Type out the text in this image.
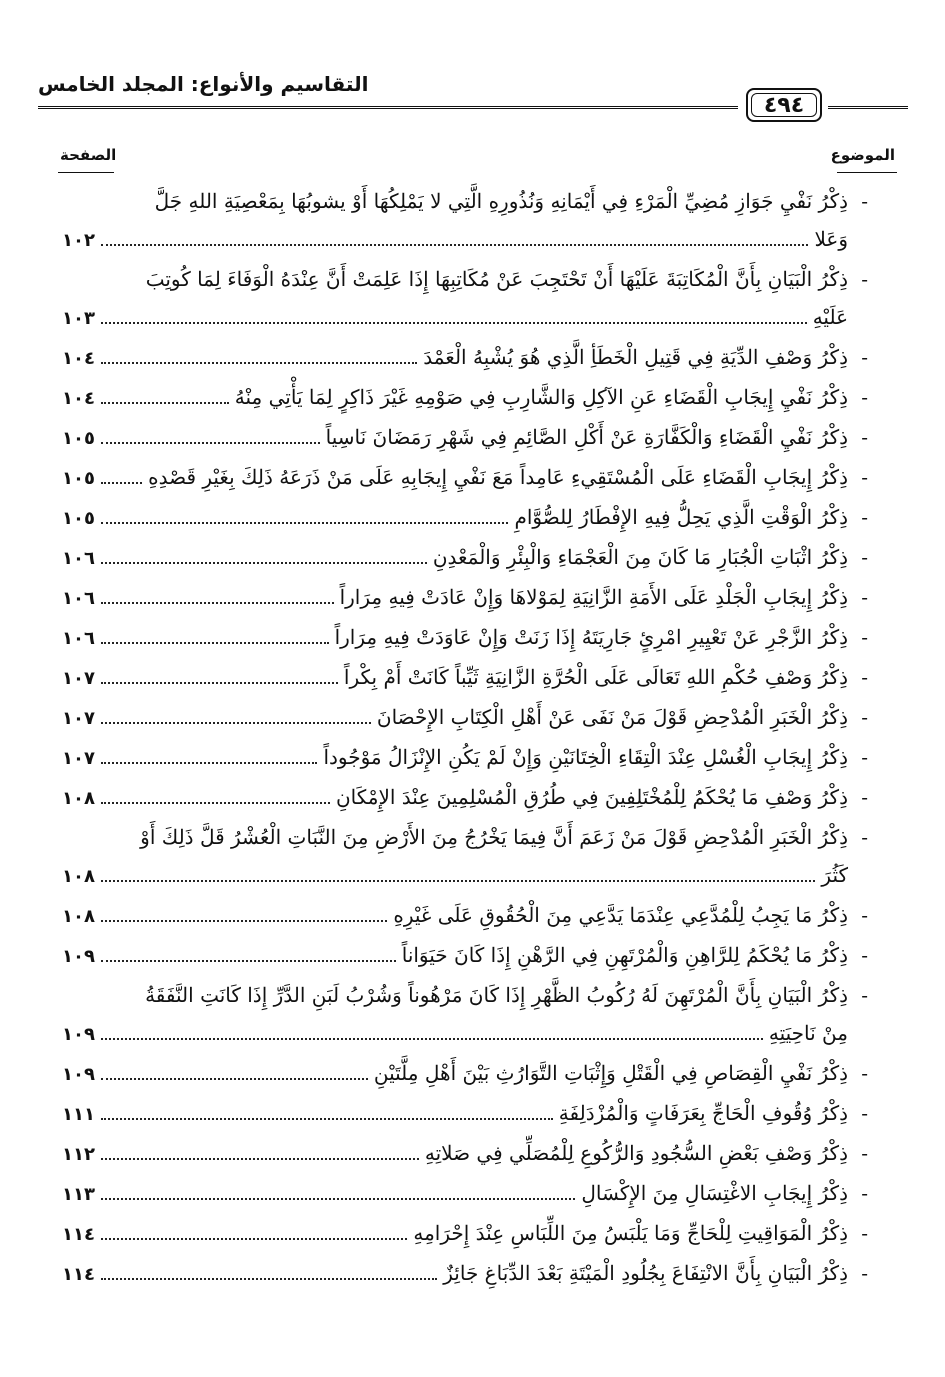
التقاسيم والأنواع: المجلد الخامس
٤٩٤
الموضوع
الصفحة
- ذِكْرُ نَفْيِ جَوَازِ مُضِيِّ الْمَرْءِ فِي أَيْمَانِهِ وَنُذُورِهِ الَّتِي لا يَمْلِكُهَا أَوْ يشوبُهَا بِمَعْصِيَةِ اللهِ جَلَّ
وَعَلا
١٠٢
- ذِكْرُ الْبَيَانِ بِأَنَّ الْمُكَاتِبَةَ عَلَيْهَا أَنْ تَحْتَجِبَ عَنْ مُكَاتِبِهَا إِذَا عَلِمَتْ أَنَّ عِنْدَهُ الْوَفَاءَ لِمَا كُوتِبَ
عَلَيْهِ
١٠٣
- ذِكْرُ وَصْفِ الدِّيَةِ فِي قَتِيلِ الْخَطَأِ الَّذِي هُوَ يُشْبِهُ الْعَمْدَ
١٠٤
- ذِكْرُ نَفْيِ إِيجَابِ الْقَضَاءِ عَنِ الآكِلِ وَالشَّارِبِ فِي صَوْمِهِ غَيْرَ ذَاكِرٍ لِمَا يَأْتِي مِنْهُ
١٠٤
- ذِكْرُ نَفْيِ الْقَضَاءِ وَالْكَفَّارَةِ عَنْ أَكْلِ الصَّائِمِ فِي شَهْرِ رَمَضَانَ نَاسِياً
١٠٥
- ذِكْرُ إِيجَابِ الْقَضَاءِ عَلَى الْمُسْتَقِيءِ عَامِداً مَعَ نَفْيِ إِيجَابِهِ عَلَى مَنْ ذَرَعَهُ ذَلِكَ بِغَيْرِ قَصْدِهِ
١٠٥
- ذِكْرُ الْوَقْتِ الَّذِي يَحِلُّ فِيهِ الإِفْطَارُ لِلصُّوَّامِ
١٠٥
- ذِكْرُ اثْبَاتِ الْجُبَارِ مَا كَانَ مِنَ الْعَجْمَاءِ وَالْبِئْرِ وَالْمَعْدِنِ
١٠٦
- ذِكْرُ إِيجَابِ الْجَلْدِ عَلَى الأَمَةِ الزَّانِيَةِ لِمَوْلاهَا وَإِنْ عَادَتْ فِيهِ مِرَاراً
١٠٦
- ذِكْرُ الزَّجْرِ عَنْ تَعْيِيرِ امْرِئٍ جَارِيَتَهُ إِذَا زَنَتْ وَإِنْ عَاوَدَتْ فِيهِ مِرَاراً
١٠٦
- ذِكْرُ وَصْفِ حُكْمِ اللهِ تَعَالَى عَلَى الْحُرَّةِ الزَّانِيَةِ ثَيِّباً كَانَتْ أَمْ بِكْراً
١٠٧
- ذِكْرُ الْخَبَرِ الْمُدْحِضِ قَوْلَ مَنْ نَفَى عَنْ أَهْلِ الْكِتَابِ الإِحْصَانَ
١٠٧
- ذِكْرُ إِيجَابِ الْغُسْلِ عِنْدَ الْتِقَاءِ الْخِتَانَيْنِ وَإِنْ لَمْ يَكُنِ الإِنْزَالُ مَوْجُوداً
١٠٧
- ذِكْرُ وَصْفِ مَا يُحْكَمُ لِلْمُخْتَلِفِينَ فِي طُرُقِ الْمُسْلِمِينَ عِنْدَ الإِمْكَانِ
١٠٨
- ذِكْرُ الْخَبَرِ الْمُدْحِضِ قَوْلَ مَنْ زَعَمَ أَنَّ فِيمَا يَخْرُجُ مِنَ الأَرْضِ مِنَ النَّبَاتِ الْعُشْرُ قَلَّ ذَلِكَ أَوْ
كَثُرَ
١٠٨
- ذِكْرُ مَا يَجِبُ لِلْمُدَّعِي عِنْدَمَا يَدَّعِي مِنَ الْحُقُوقِ عَلَى غَيْرِهِ
١٠٨
- ذِكْرُ مَا يُحْكَمُ لِلرَّاهِنِ وَالْمُرْتَهِنِ فِي الرَّهْنِ إِذَا كَانَ حَيَوَاناً
١٠٩
- ذِكْرُ الْبَيَانِ بِأَنَّ الْمُرْتَهِنَ لَهُ رُكُوبُ الظَّهْرِ إِذَا كَانَ مَرْهُوناً وَشُرْبُ لَبَنِ الدَّرِّ إِذَا كَانَتِ النَّفَقَةُ
مِنْ نَاحِيَتِهِ
١٠٩
- ذِكْرُ نَفْيِ الْقِصَاصِ فِي الْقَتْلِ وَإِثْبَاتِ التَّوَارُثِ بَيْنَ أَهْلِ مِلَّتَيْنِ
١٠٩
- ذِكْرُ وُقُوفِ الْحَاجِّ بِعَرَفَاتٍ وَالْمُزْدَلِفَةِ
١١١
- ذِكْرُ وَصْفِ بَعْضِ السُّجُودِ وَالرُّكُوعِ لِلْمُصَلِّي فِي صَلاتِهِ
١١٢
- ذِكْرُ إِيجَابِ الاغْتِسَالِ مِنَ الإِكْسَالِ
١١٣
- ذِكْرُ الْمَوَاقِيتِ لِلْحَاجِّ وَمَا يَلْبَسُ مِنَ اللِّبَاسِ عِنْدَ إِحْرَامِهِ
١١٤
- ذِكْرُ الْبَيَانِ بِأَنَّ الانْتِفَاعَ بِجُلُودِ الْمَيْتَةِ بَعْدَ الدِّبَاغِ جَائِزٌ
١١٤
